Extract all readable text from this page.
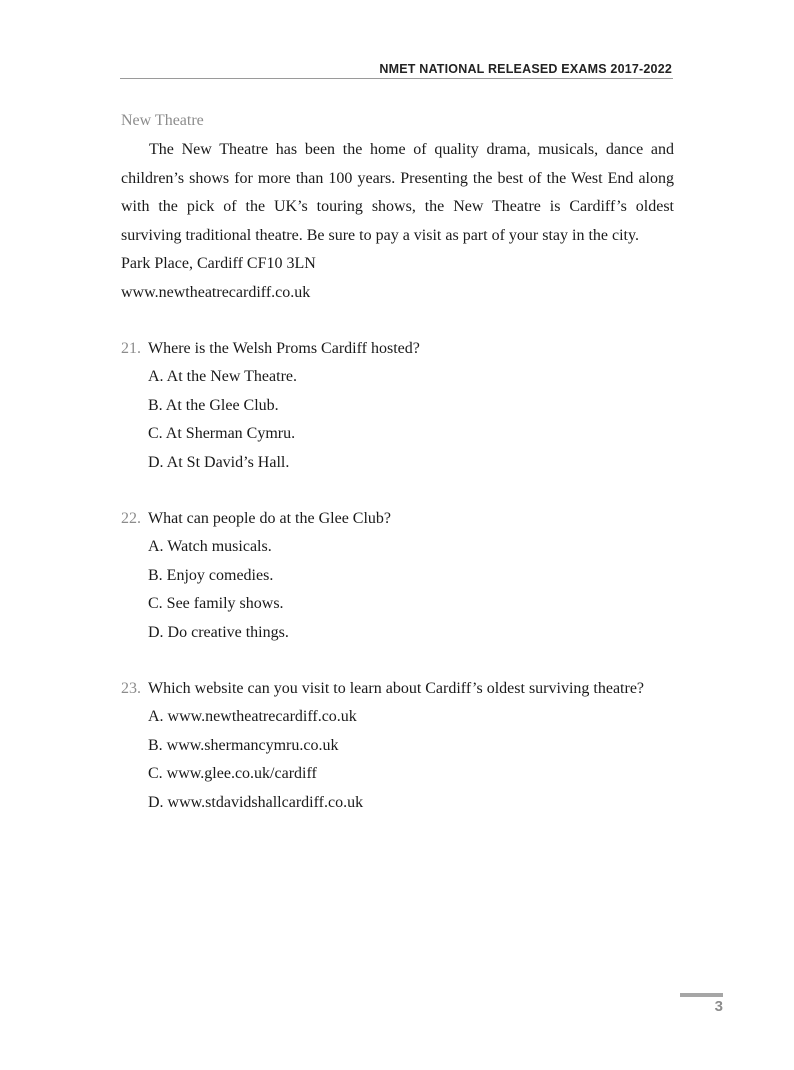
NMET NATIONAL RELEASED EXAMS 2017-2022
New Theatre

The New Theatre has been the home of quality drama, musicals, dance and children’s shows for more than 100 years. Presenting the best of the West End along with the pick of the UK’s touring shows, the New Theatre is Cardiff’s oldest surviving traditional theatre. Be sure to pay a visit as part of your stay in the city.

Park Place, Cardiff CF10 3LN

www.newtheatrecardiff.co.uk

21. Where is the Welsh Proms Cardiff hosted?

A. At the New Theatre.

B. At the Glee Club.

C. At Sherman Cymru.

D. At St David’s Hall.

22. What can people do at the Glee Club?

A. Watch musicals.

B. Enjoy comedies.

C. See family shows.

D. Do creative things.

23. Which website can you visit to learn about Cardiff’s oldest surviving theatre?

A. www.newtheatrecardiff.co.uk

B. www.shermancymru.co.uk

C. www.glee.co.uk/cardiff

D. www.stdavidshallcardiff.co.uk

3
